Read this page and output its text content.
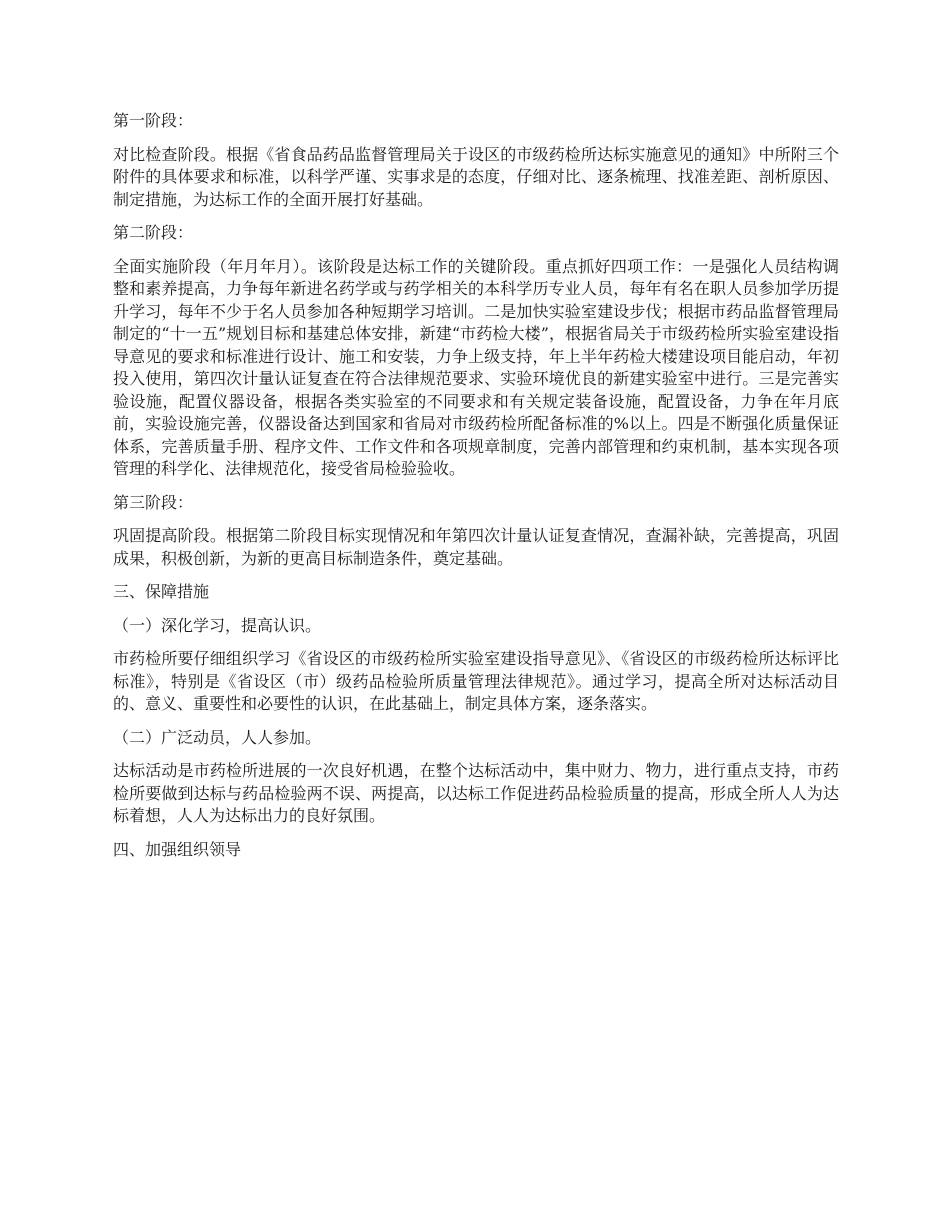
第一阶段：

对比检查阶段。根据《省食品药品监督管理局关于设区的市级药检所达标实施意见的通知》中所附三个附件的具体要求和标准，以科学严谨、实事求是的态度，仔细对比、逐条梳理、找准差距、剖析原因、制定措施，为达标工作的全面开展打好基础。

第二阶段：

全面实施阶段（年月年月）。该阶段是达标工作的关键阶段。重点抓好四项工作：一是强化人员结构调整和素养提高，力争每年新进名药学或与药学相关的本科学历专业人员，每年有名在职人员参加学历提升学习，每年不少于名人员参加各种短期学习培训。二是加快实验室建设步伐；根据市药品监督管理局制定的“十一五”规划目标和基建总体安排，新建“市药检大楼”，根据省局关于市级药检所实验室建设指导意见的要求和标准进行设计、施工和安装，力争上级支持，年上半年药检大楼建设项目能启动，年初投入使用，第四次计量认证复查在符合法律规范要求、实验环境优良的新建实验室中进行。三是完善实验设施，配置仪器设备，根据各类实验室的不同要求和有关规定装备设施，配置设备，力争在年月底前，实验设施完善，仪器设备达到国家和省局对市级药检所配备标准的%以上。四是不断强化质量保证体系，完善质量手册、程序文件、工作文件和各项规章制度，完善内部管理和约束机制，基本实现各项管理的科学化、法律规范化，接受省局检验验收。

第三阶段：

巩固提高阶段。根据第二阶段目标实现情况和年第四次计量认证复查情况，查漏补缺，完善提高，巩固成果，积极创新，为新的更高目标制造条件，奠定基础。

三、保障措施

（一）深化学习，提高认识。

市药检所要仔细组织学习《省设区的市级药检所实验室建设指导意见》、《省设区的市级药检所达标评比标准》，特别是《省设区（市）级药品检验所质量管理法律规范》。通过学习，提高全所对达标活动目的、意义、重要性和必要性的认识，在此基础上，制定具体方案，逐条落实。

（二）广泛动员，人人参加。

达标活动是市药检所进展的一次良好机遇，在整个达标活动中，集中财力、物力，进行重点支持，市药检所要做到达标与药品检验两不误、两提高，以达标工作促进药品检验质量的提高，形成全所人人为达标着想，人人为达标出力的良好氛围。

四、加强组织领导
